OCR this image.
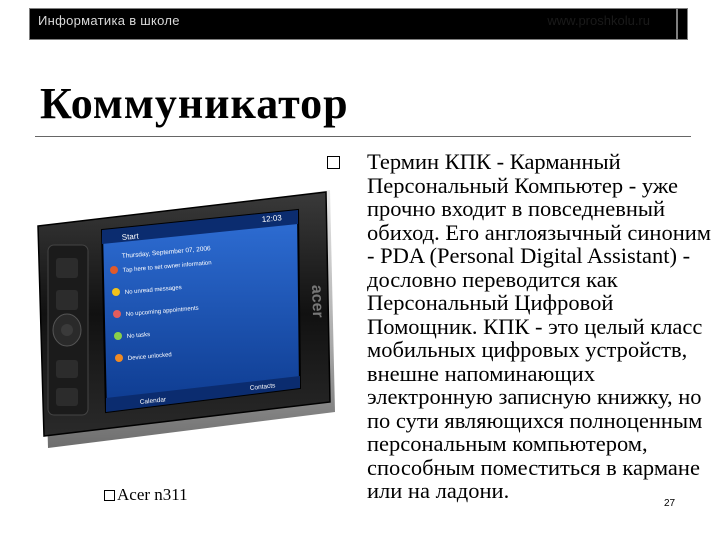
Информатика в школе	www.proshkolu.ru
Коммуникатор
Start
12:03
Thursday, September 07, 2006
Tap here to set owner information
No unread messages
No upcoming appointments
No tasks
Device unlocked
Calendar
Contacts
acer
Acer n311
Термин КПК - Карманный Персональный Компьютер - уже прочно входит в повседневный обиход. Его англоязычный синоним - PDA (Personal Digital Assistant) - дословно переводится как Персональный Цифровой Помощник. КПК - это целый класс мобильных цифровых устройств, внешне напоминающих электронную записную книжку, но по сути являющихся полноценным персональным компьютером, способным поместиться в кармане или на ладони.
27
